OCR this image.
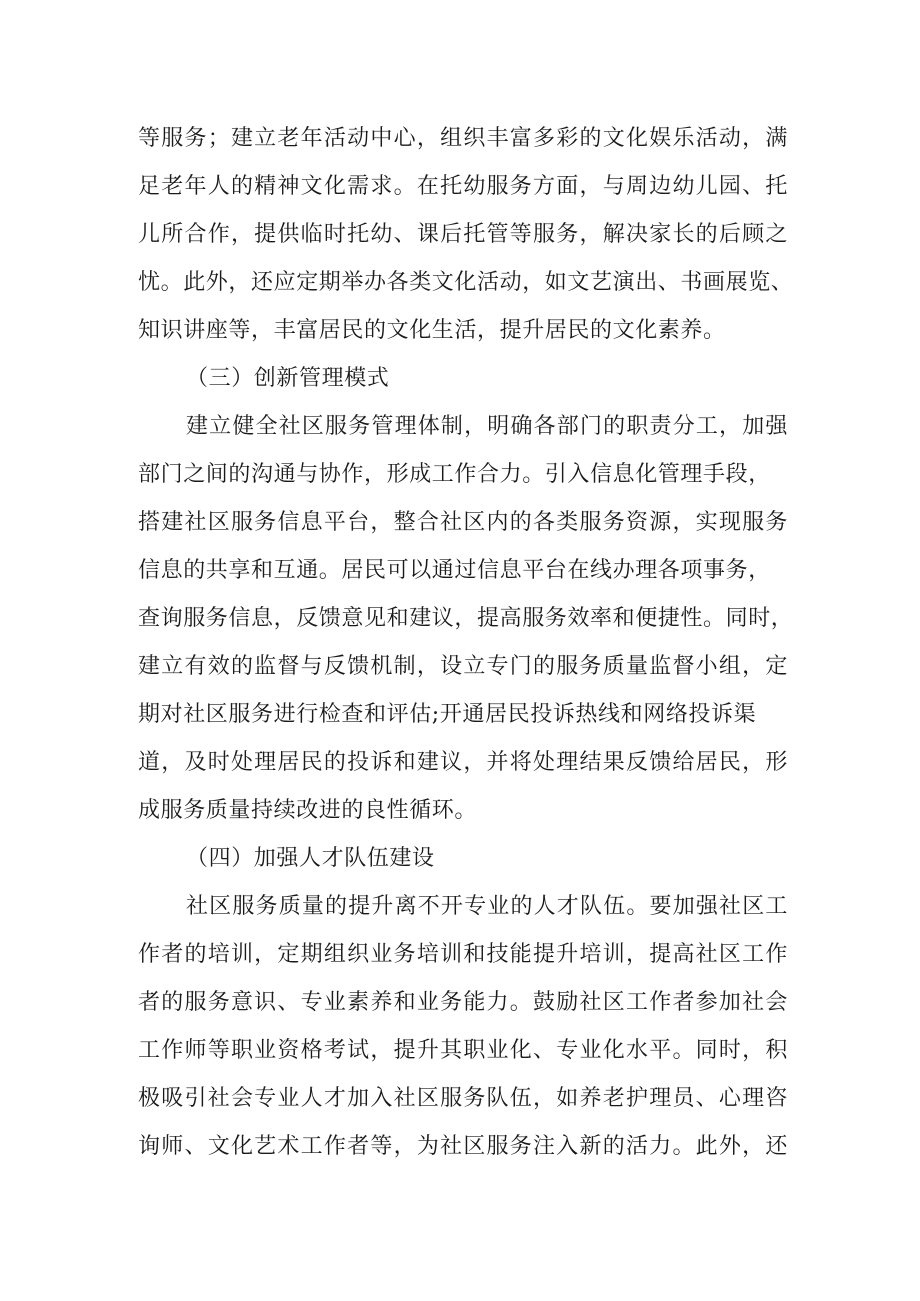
等服务；建立老年活动中心，组织丰富多彩的文化娱乐活动，满
足老年人的精神文化需求。在托幼服务方面，与周边幼儿园、托
儿所合作，提供临时托幼、课后托管等服务，解决家长的后顾之
忧。此外，还应定期举办各类文化活动，如文艺演出、书画展览、
知识讲座等，丰富居民的文化生活，提升居民的文化素养。
（三）创新管理模式
建立健全社区服务管理体制，明确各部门的职责分工，加强
部门之间的沟通与协作，形成工作合力。引入信息化管理手段，
搭建社区服务信息平台，整合社区内的各类服务资源，实现服务
信息的共享和互通。居民可以通过信息平台在线办理各项事务，
查询服务信息，反馈意见和建议，提高服务效率和便捷性。同时，
建立有效的监督与反馈机制，设立专门的服务质量监督小组，定
期对社区服务进行检查和评估;开通居民投诉热线和网络投诉渠
道，及时处理居民的投诉和建议，并将处理结果反馈给居民，形
成服务质量持续改进的良性循环。
（四）加强人才队伍建设
社区服务质量的提升离不开专业的人才队伍。要加强社区工
作者的培训，定期组织业务培训和技能提升培训，提高社区工作
者的服务意识、专业素养和业务能力。鼓励社区工作者参加社会
工作师等职业资格考试，提升其职业化、专业化水平。同时，积
极吸引社会专业人才加入社区服务队伍，如养老护理员、心理咨
询师、文化艺术工作者等，为社区服务注入新的活力。此外，还
